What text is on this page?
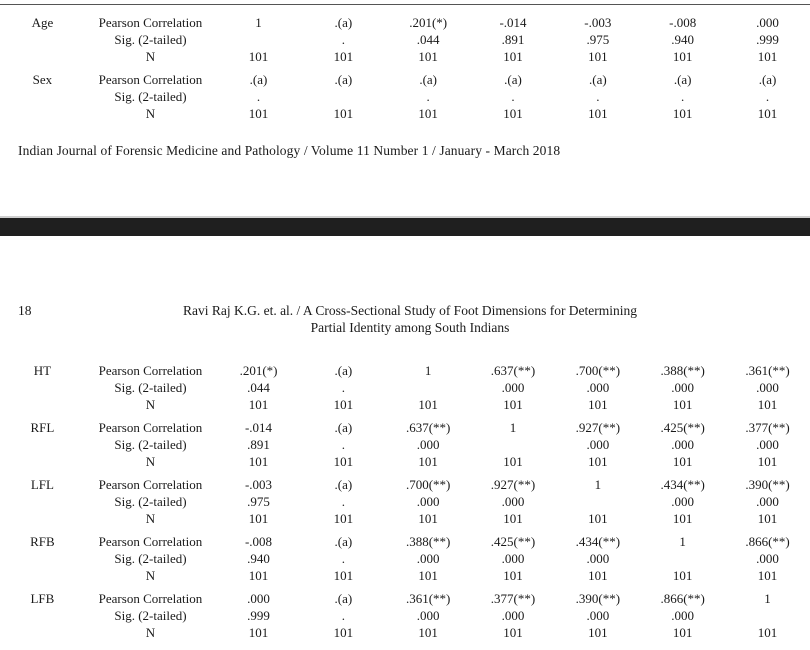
Age	Pearson Correlation	1	.(a)	.201(*)	-.014	-.003	-.008	.000
	Sig. (2-tailed)		.	.044	.891	.975	.940	.999
	N	101	101	101	101	101	101	101

Sex	Pearson Correlation	.(a)	.(a)	.(a)	.(a)	.(a)	.(a)	.(a)
	Sig. (2-tailed)	.		.	.	.	.	.
	N	101	101	101	101	101	101	101
Indian Journal of Forensic Medicine and Pathology / Volume 11 Number 1 / January - March 2018
18	Ravi Raj K.G. et. al. / A Cross-Sectional Study of Foot Dimensions for Determining
Partial Identity among South Indians
HT	Pearson Correlation	.201(*)	.(a)	1	.637(**)	.700(**)	.388(**)	.361(**)
	Sig. (2-tailed)	.044	.		.000	.000	.000	.000
	N	101	101	101	101	101	101	101

RFL	Pearson Correlation	-.014	.(a)	.637(**)	1	.927(**)	.425(**)	.377(**)
	Sig. (2-tailed)	.891	.	.000		.000	.000	.000
	N	101	101	101	101	101	101	101

LFL	Pearson Correlation	-.003	.(a)	.700(**)	.927(**)	1	.434(**)	.390(**)
	Sig. (2-tailed)	.975	.	.000	.000		.000	.000
	N	101	101	101	101	101	101	101

RFB	Pearson Correlation	-.008	.(a)	.388(**)	.425(**)	.434(**)	1	.866(**)
	Sig. (2-tailed)	.940	.	.000	.000	.000		.000
	N	101	101	101	101	101	101	101

LFB	Pearson Correlation	.000	.(a)	.361(**)	.377(**)	.390(**)	.866(**)	1
	Sig. (2-tailed)	.999	.	.000	.000	.000	.000	
	N	101	101	101	101	101	101	101
